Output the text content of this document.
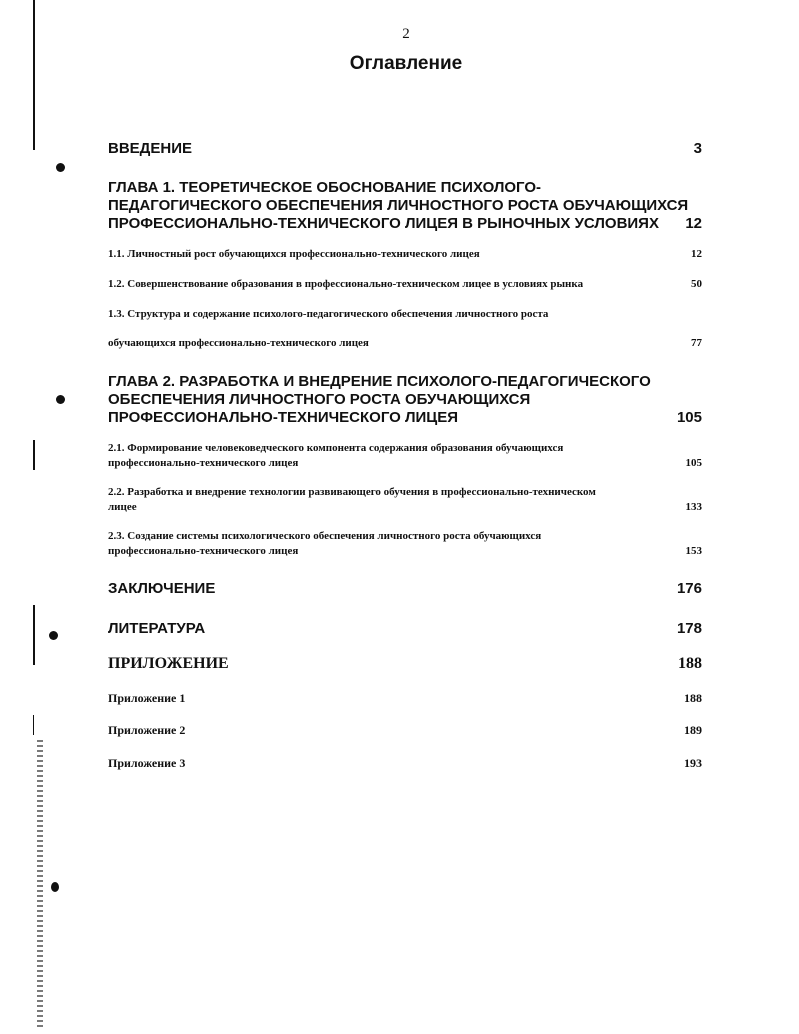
2
Оглавление
ВВЕДЕНИЕ	3
ГЛАВА 1. ТЕОРЕТИЧЕСКОЕ ОБОСНОВАНИЕ ПСИХОЛОГО-
ПЕДАГОГИЧЕСКОГО ОБЕСПЕЧЕНИЯ ЛИЧНОСТНОГО РОСТА ОБУЧАЮЩИХСЯ
ПРОФЕССИОНАЛЬНО-ТЕХНИЧЕСКОГО ЛИЦЕЯ В РЫНОЧНЫХ УСЛОВИЯХ 12
1.1. Личностный рост обучающихся профессионально-технического лицея	12
1.2. Совершенствование образования в профессионально-техническом лицее в условиях рынка	50
1.3. Структура и содержание психолого-педагогического обеспечения личностного роста
обучающихся профессионально-технического лицея	77
ГЛАВА 2. РАЗРАБОТКА И ВНЕДРЕНИЕ ПСИХОЛОГО-ПЕДАГОГИЧЕСКОГО
ОБЕСПЕЧЕНИЯ ЛИЧНОСТНОГО РОСТА ОБУЧАЮЩИХСЯ
ПРОФЕССИОНАЛЬНО-ТЕХНИЧЕСКОГО ЛИЦЕЯ	105
2.1. Формирование человековедческого компонента содержания образования обучающихся
профессионально-технического лицея	105
2.2. Разработка и внедрение технологии развивающего обучения в профессионально-техническом
лицее	133
2.3. Создание системы психологического обеспечения личностного роста обучающихся
профессионально-технического лицея	153
ЗАКЛЮЧЕНИЕ	176
ЛИТЕРАТУРА	178
ПРИЛОЖЕНИЕ	188
Приложение 1	188
Приложение 2	189
Приложение 3	193
